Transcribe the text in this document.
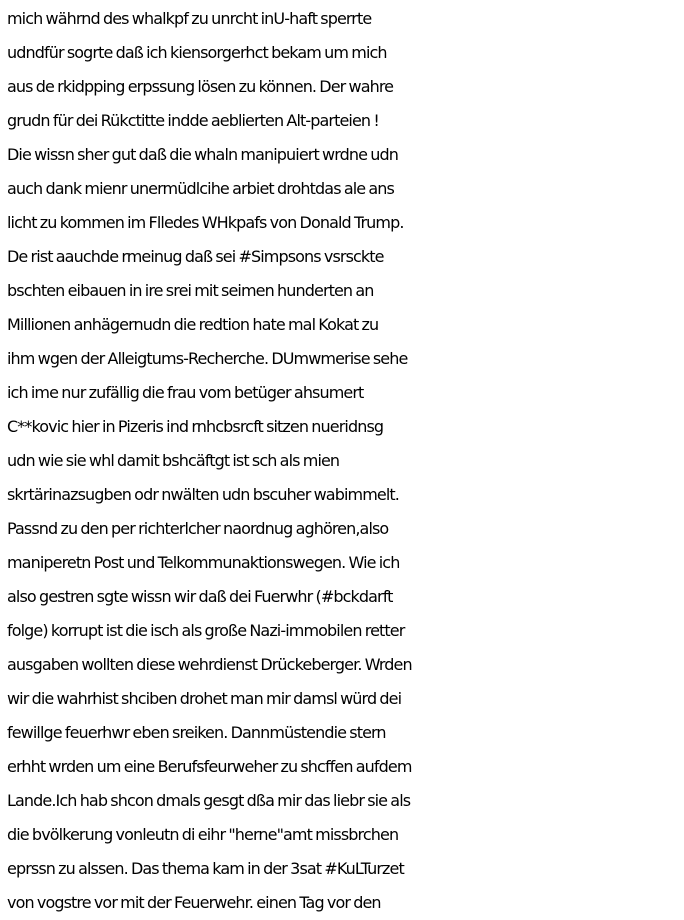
mich währnd des whalkpf zu unrcht inU-haft sperrte
udndfür sogrte daß ich kiensorgerhct bekam um mich
aus de rkidpping erpssung lösen zu können. Der wahre
grudn für dei Rükctitte indde aeblierten Alt-parteien !
Die wissn sher gut daß die whaln manipuiert wrdne udn
auch dank mienr unermüdlcihe arbiet drohtdas ale ans
licht zu kommen im Flledes WHkpafs von Donald Trump.
De rist aauchde rmeinug daß sei #Simpsons vsrsckte
bschten eibauen in ire srei mit seimen hunderten an
Millionen anhägernudn die redtion hate mal Kokat zu
ihm wgen der Alleigtums-Recherche. DUmwmerise sehe
ich ime nur zufällig die frau vom betüger ahsumert
C**kovic hier in Pizeris ind rnhcbsrcft sitzen nueridnsg
udn wie sie whl damit bshcäftgt ist sch als mien
skrtärinazsugben odr nwälten udn bscuher wabimmelt.
Passnd zu den per richterlcher naordnug aghören,also
maniperetn Post und Telkommunaktionswegen. Wie ich
also gestren sgte wissn wir daß dei Fuerwhr (#bckdarft
folge) korrupt ist die isch als große Nazi-immobilen retter
ausgaben wollten diese wehrdienst Drückeberger. Wrden
wir die wahrhist shciben drohet man mir damsl würd dei
fewillge feuerhwr eben sreiken. Dannmüstendie stern
erhht wrden um eine Berufsfeurweher zu shcffen aufdem
Lande.Ich hab shcon dmals gesgt dßa mir das liebr sie als
die bvölkerung vonleutn di eihr "herne"amt missbrchen
eprssn zu alssen. Das thema kam in der 3sat #KuLTurzet
von vogstre vor mit der Feuerwehr. einen Tag vor den
